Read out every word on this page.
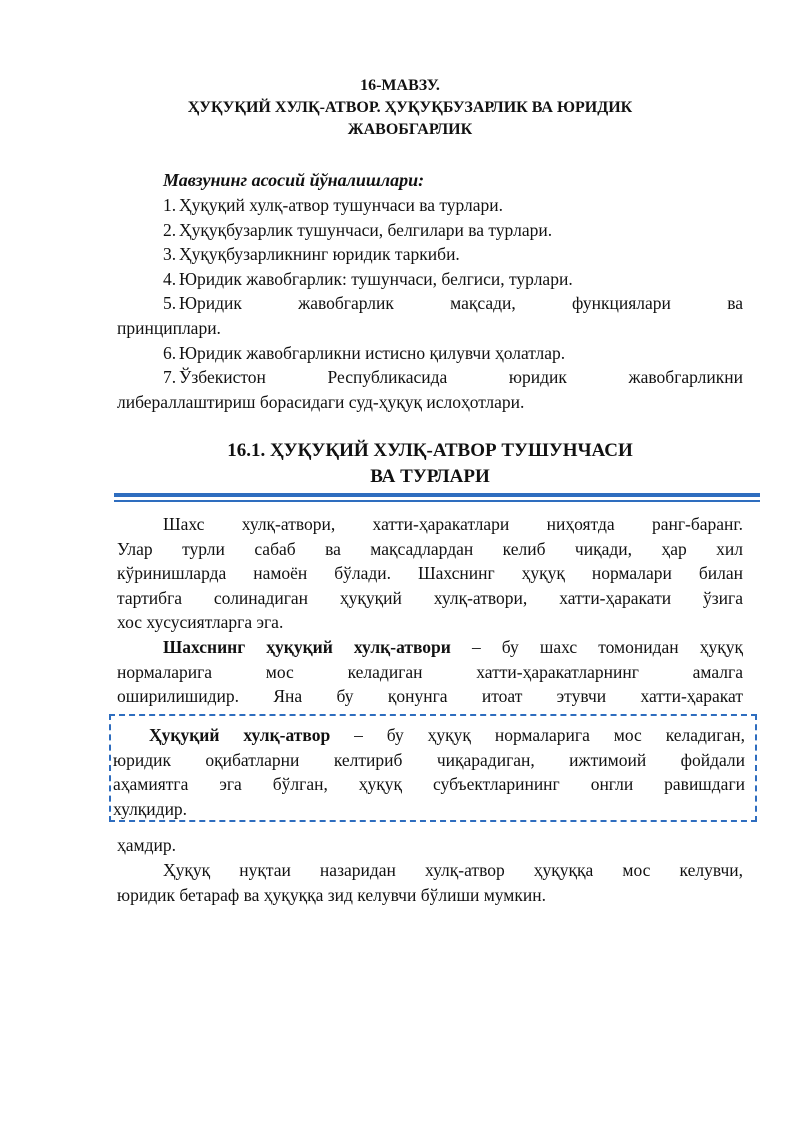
16-МАВЗУ.
ҲУҚУҚИЙ ХУЛҚ-АТВОР. ҲУҚУҚБУЗАРЛИК ВА ЮРИДИК
ЖАВОБГАРЛИК
Мавзунинг асосий йўналишлари:
1. Ҳуқуқий хулқ-атвор тушунчаси ва турлари.
2. Ҳуқуқбузарлик тушунчаси, белгилари ва турлари.
3. Ҳуқуқбузарликнинг юридик таркиби.
4. Юридик жавобгарлик: тушунчаси, белгиси, турлари.
5. Юридик жавобгарлик мақсади, функциялари ва
принциплари.
6. Юридик жавобгарликни истисно қилувчи ҳолатлар.
7. Ўзбекистон Республикасида юридик жавобгарликни
либераллаштириш борасидаги суд-ҳуқуқ ислоҳотлари.
16.1. ҲУҚУҚИЙ ХУЛҚ-АТВОР ТУШУНЧАСИ
ВА ТУРЛАРИ
Шахс хулқ-атвори, хатти-ҳаракатлари ниҳоятда ранг-баранг.
Улар турли сабаб ва мақсадлардан келиб чиқади, ҳар хил
кўринишларда намоён бўлади. Шахснинг ҳуқуқ нормалари билан
тартибга солинадиган ҳуқуқий хулқ-атвори, хатти-ҳаракати ўзига
хос хусусиятларга эга.
Шахснинг ҳуқуқий хулқ-атвори – бу шахс томонидан ҳуқуқ
нормаларига мос келадиган хатти-ҳаракатларнинг амалга
оширилишидир. Яна бу қонунга итоат этувчи хатти-ҳаракат
Ҳуқуқий хулқ-атвор – бу ҳуқуқ нормаларига мос келадиган,
юридик оқибатларни келтириб чиқарадиган, ижтимоий фойдали
аҳамиятга эга бўлган, ҳуқуқ субъектларининг онгли равишдаги
хулқидир.
ҳамдир.
Ҳуқуқ нуқтаи назаридан хулқ-атвор ҳуқуққа мос келувчи,
юридик бетараф ва ҳуқуққа зид келувчи бўлиши мумкин.
